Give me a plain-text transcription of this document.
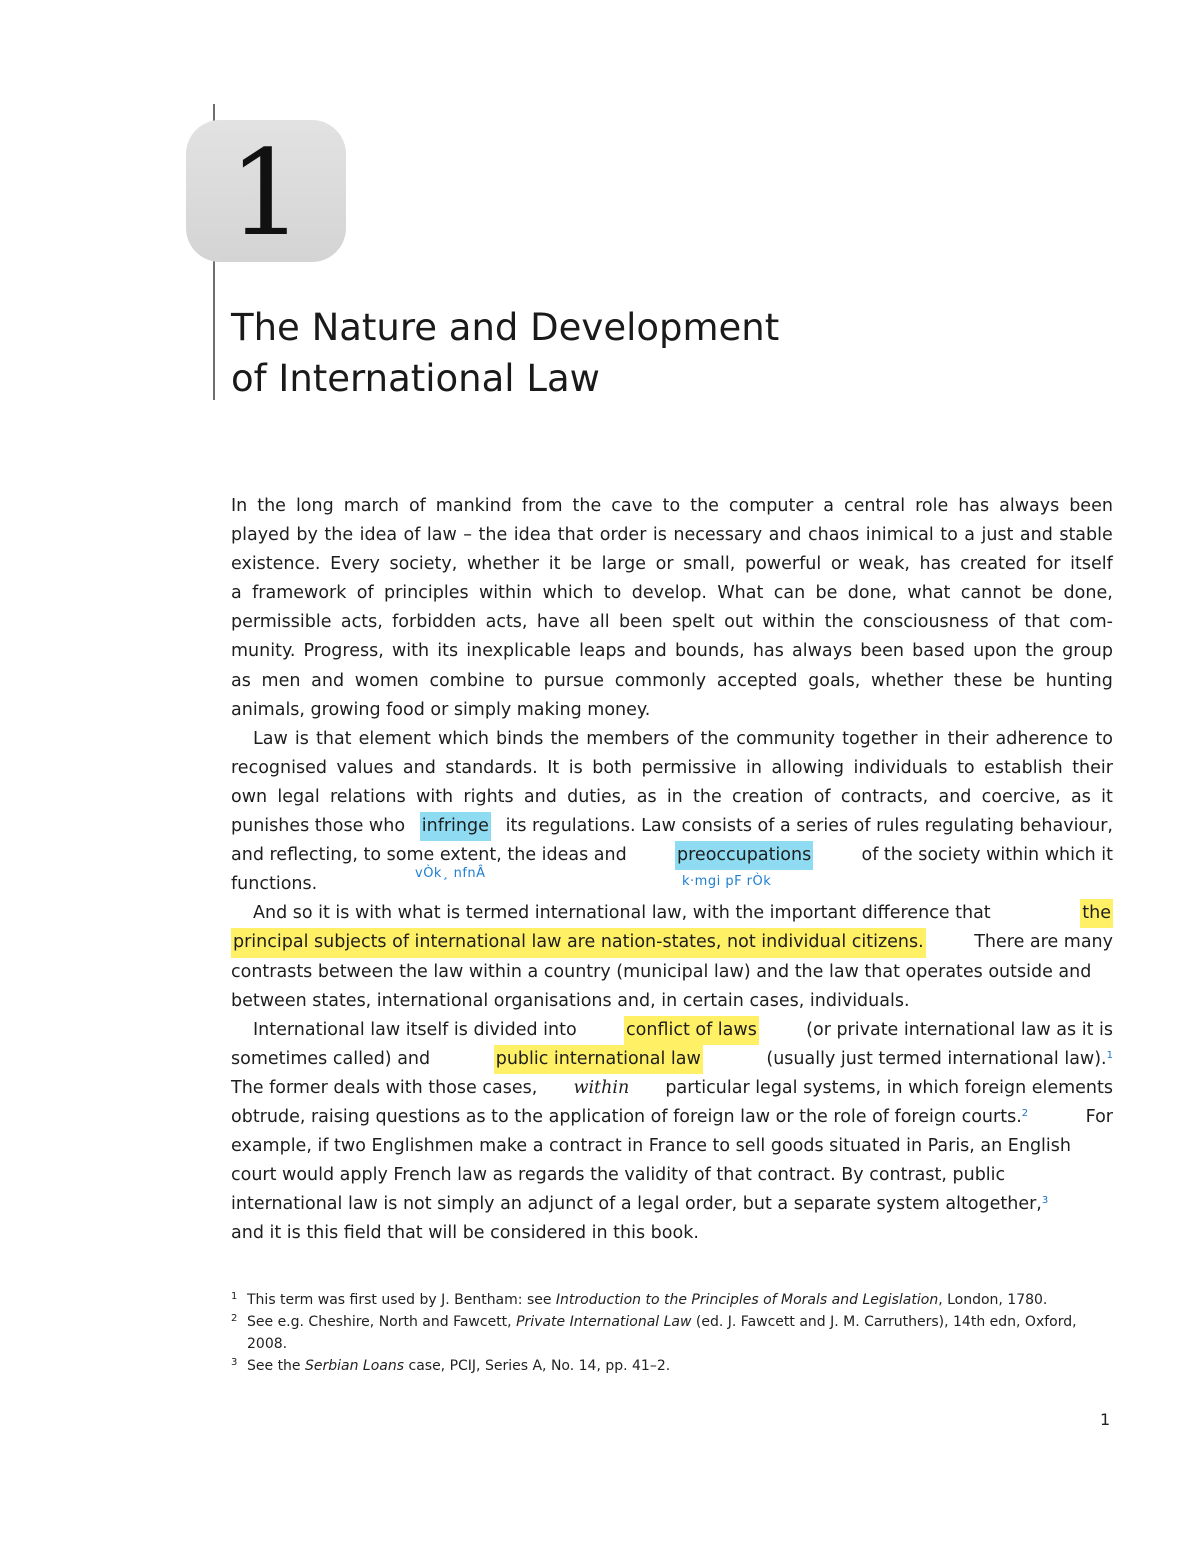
1
The Nature and Development
of International Law
In the long march of mankind from the cave to the computer a central role has always been
played by the idea of law – the idea that order is necessary and chaos inimical to a just and stable
existence. Every society, whether it be large or small, powerful or weak, has created for itself
a framework of principles within which to develop. What can be done, what cannot be done,
permissible acts, forbidden acts, have all been spelt out within the consciousness of that com-
munity. Progress, with its inexplicable leaps and bounds, has always been based upon the group
as men and women combine to pursue commonly accepted goals, whether these be hunting
animals, growing food or simply making money.
Law is that element which binds the members of the community together in their adherence to
recognised values and standards. It is both permissive in allowing individuals to establish their
own legal relations with rights and duties, as in the creation of contracts, and coercive, as it
punishes those who infringe its regulations. Law consists of a series of rules regulating behaviour,
and reflecting, to some extent, the ideas and	preoccupations	of the society within which it
functions.
And so it is with what is termed international law, with the important difference that	the
principal subjects of international law are nation-states, not individual citizens.	There are many
contrasts between the law within a country (municipal law) and the law that operates outside and
between states, international organisations and, in certain cases, individuals.
International law itself is divided into	conflict of laws	(or private international law as it is
sometimes called) and	public international law	(usually just termed international law).$^1$
The former deals with those cases, within particular legal systems, in which foreign elements
obtrude, raising questions as to the application of foreign law or the role of foreign courts.$^2$	For
example, if two Englishmen make a contract in France to sell goods situated in Paris, an English
court would apply French law as regards the validity of that contract. By contrast, public
international law is not simply an adjunct of a legal order, but a separate system altogether,$^3$
and it is this field that will be considered in this book.
vÒk¸ nfnÂ
k·mgi pF rÒk
1 This term was first used by J. Bentham: see Introduction to the Principles of Morals and Legislation, London, 1780.
2 See e.g. Cheshire, North and Fawcett, Private International Law (ed. J. Fawcett and J. M. Carruthers), 14th edn, Oxford, 2008.
3 See the Serbian Loans case, PCIJ, Series A, No. 14, pp. 41–2.
1
